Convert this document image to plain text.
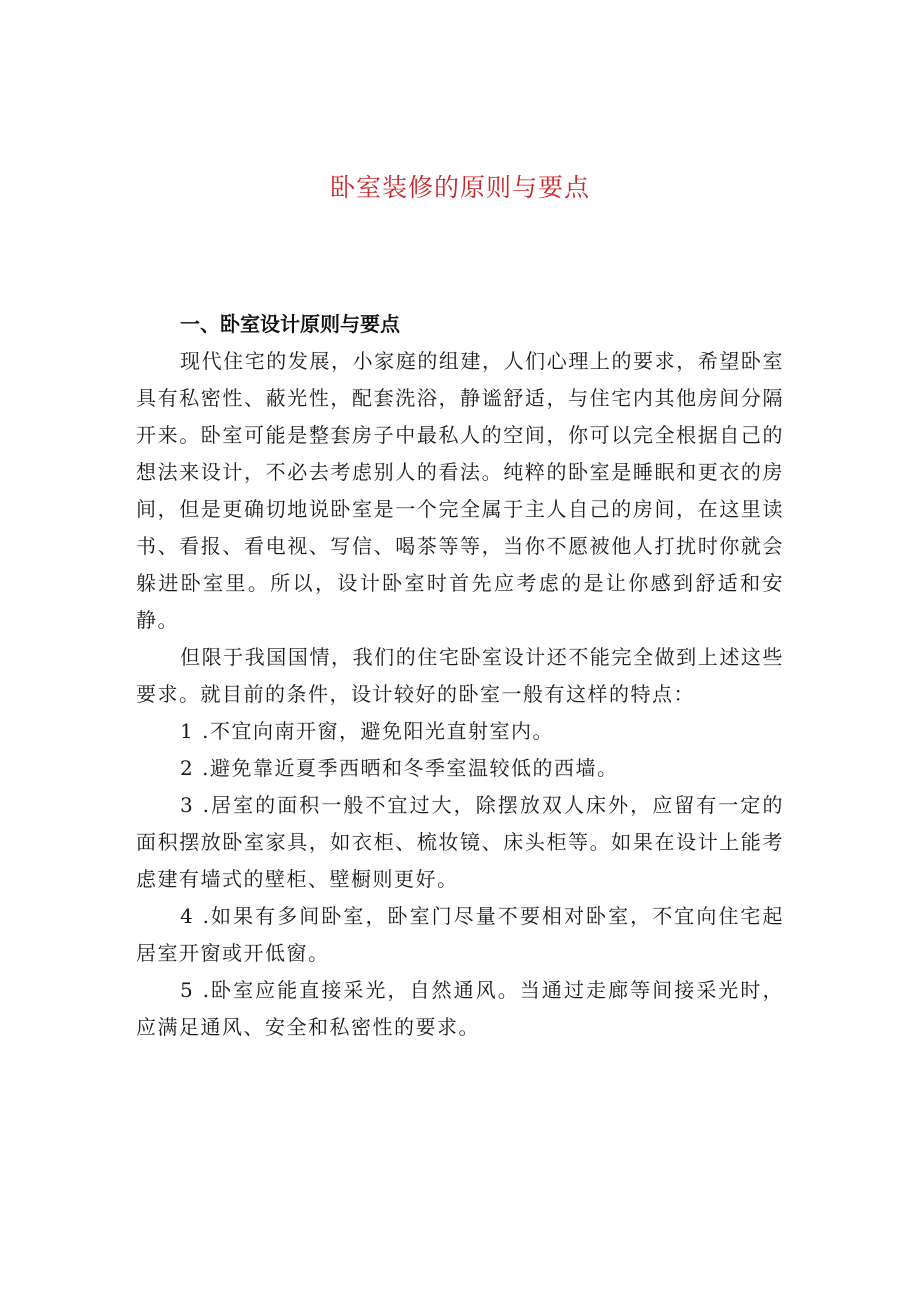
卧室装修的原则与要点
一、卧室设计原则与要点

现代住宅的发展，小家庭的组建，人们心理上的要求，希望卧室具有私密性、蔽光性，配套洗浴，静谧舒适，与住宅内其他房间分隔开来。卧室可能是整套房子中最私人的空间，你可以完全根据自己的想法来设计，不必去考虑别人的看法。纯粹的卧室是睡眠和更衣的房间，但是更确切地说卧室是一个完全属于主人自己的房间，在这里读书、看报、看电视、写信、喝茶等等，当你不愿被他人打扰时你就会躲进卧室里。所以，设计卧室时首先应考虑的是让你感到舒适和安静。

但限于我国国情，我们的住宅卧室设计还不能完全做到上述这些要求。就目前的条件，设计较好的卧室一般有这样的特点：

1 .不宜向南开窗，避免阳光直射室内。

2 .避免靠近夏季西晒和冬季室温较低的西墙。

3 .居室的面积一般不宜过大，除摆放双人床外，应留有一定的面积摆放卧室家具，如衣柜、梳妆镜、床头柜等。如果在设计上能考虑建有墙式的壁柜、壁橱则更好。

4 .如果有多间卧室，卧室门尽量不要相对卧室，不宜向住宅起居室开窗或开低窗。

5 .卧室应能直接采光，自然通风。当通过走廊等间接采光时，应满足通风、安全和私密性的要求。
